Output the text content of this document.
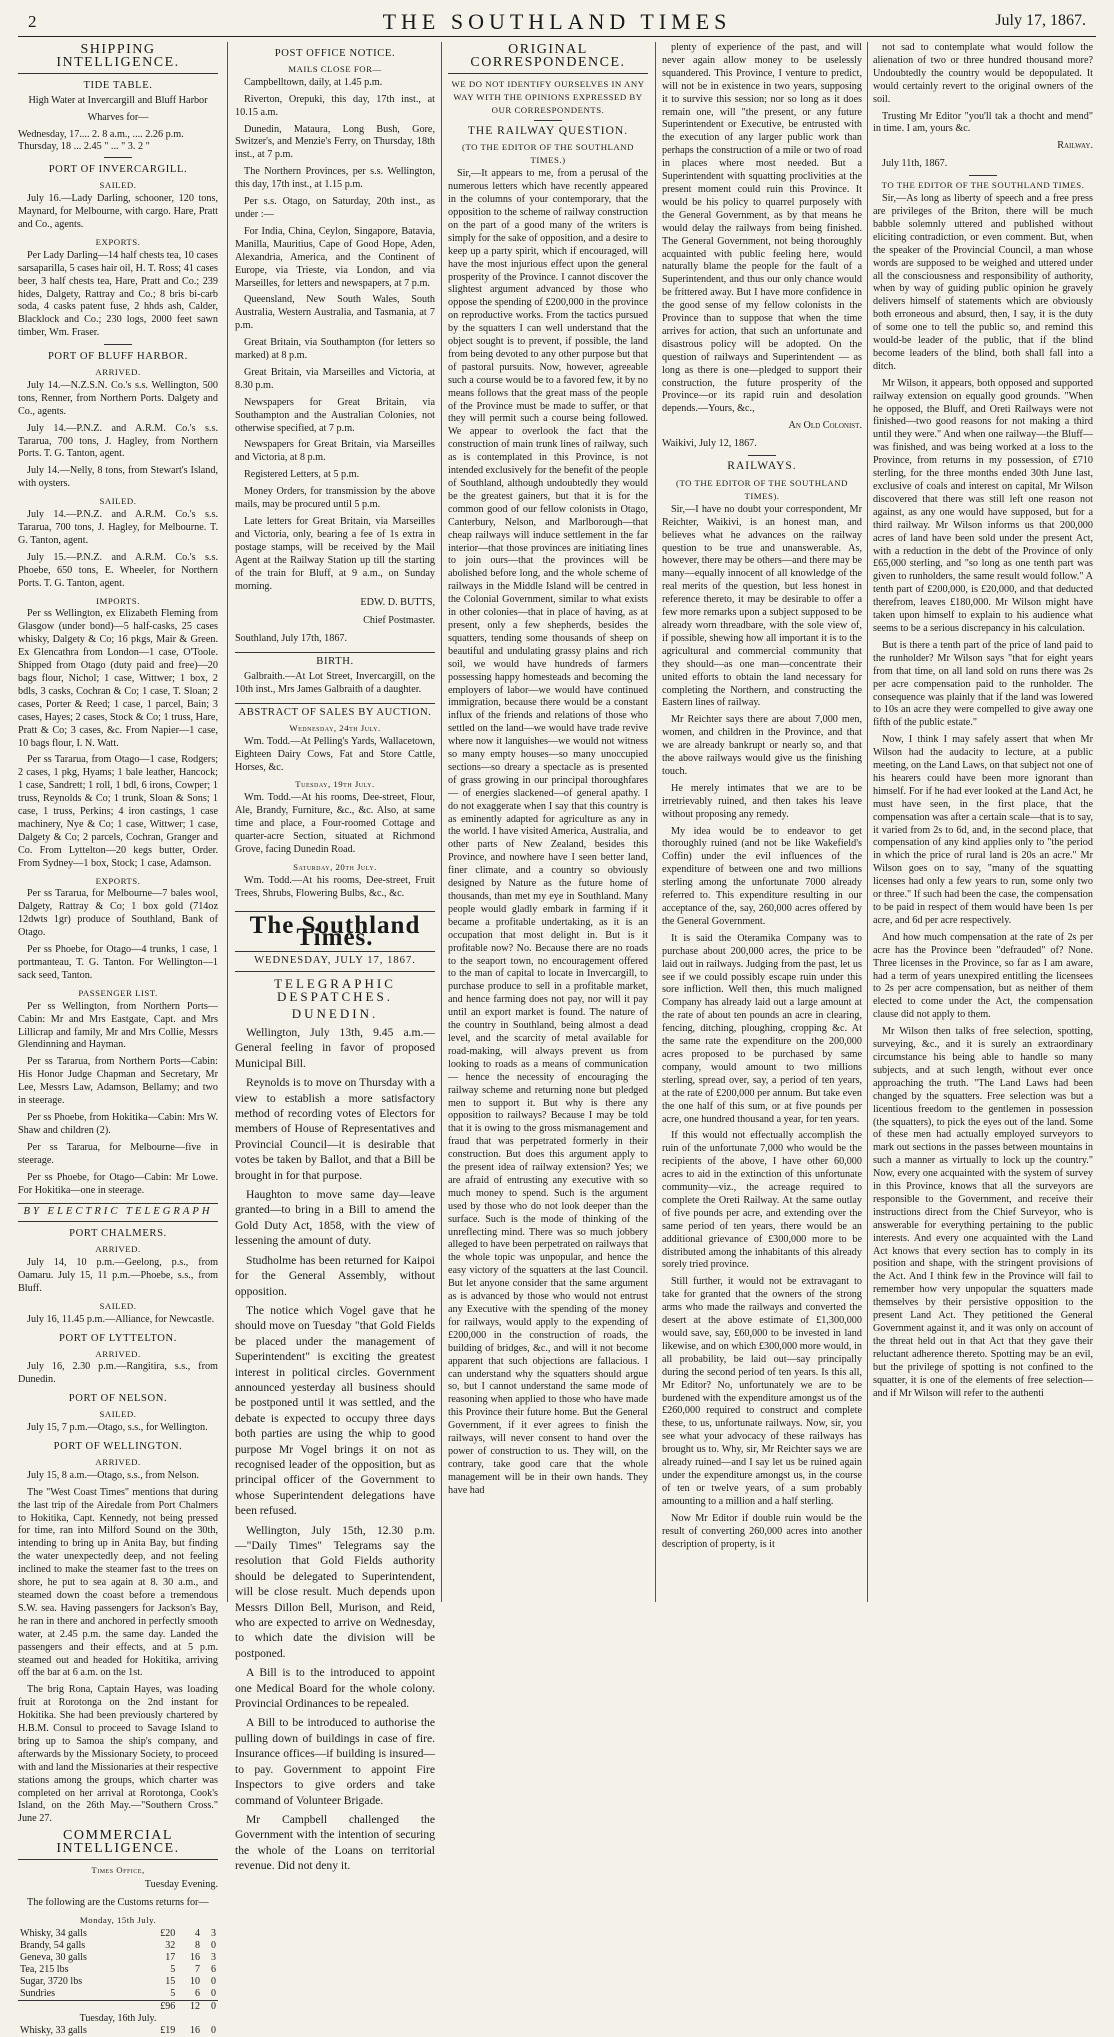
2	THE SOUTHLAND TIMES	July 17, 1867.
SHIPPING INTELLIGENCE.
TIDE TABLE.

High Water at Invercargill and Bluff Harbor

Wharves for—

Wednesday, 17.... 2. 8 a.m., .... 2.26 p.m.

Thursday, 18 ... 2.45 " ... " 3. 2 "

PORT OF INVERCARGILL.
SAILED.

July 16.—Lady Darling, schooner, 120 tons, Maynard, for Melbourne, with cargo. Hare, Pratt and Co., agents.

EXPORTS.

Per Lady Darling—14 half chests tea, 10 cases sarsaparilla, 5 cases hair oil, H. T. Ross; 41 cases beer, 3 half chests tea, Hare, Pratt and Co.; 239 hides, Dalgety, Rattray and Co.; 8 bris bi-carb soda, 4 casks patent fuse, 2 hhds ash, Calder, Blacklock and Co.; 230 logs, 2000 feet sawn timber, Wm. Fraser.

PORT OF BLUFF HARBOR.
ARRIVED.

July 14.—N.Z.S.N. Co.'s s.s. Wellington, 500 tons, Renner, from Northern Ports. Dalgety and Co., agents.

July 14.—P.N.Z. and A.R.M. Co.'s s.s. Tararua, 700 tons, J. Hagley, from Northern Ports. T. G. Tanton, agent.

July 14.—Nelly, 8 tons, from Stewart's Island, with oysters.

SAILED.

July 14.—P.N.Z. and A.R.M. Co.'s s.s. Tararua, 700 tons, J. Hagley, for Melbourne. T. G. Tanton, agent.

July 15.—P.N.Z. and A.R.M. Co.'s s.s. Phoebe, 650 tons, E. Wheeler, for Northern Ports. T. G. Tanton, agent.

IMPORTS.

Per ss Wellington, ex Elizabeth Fleming from Glasgow (under bond)—5 half-casks, 25 cases whisky, Dalgety & Co; 16 pkgs, Mair & Green. Ex Glencathra from London—1 case, O'Toole. Shipped from Otago (duty paid and free)—20 bags flour, Nichol; 1 case, Wittwer; 1 box, 2 bdls, 3 casks, Cochran & Co; 1 case, T. Sloan; 2 cases, Porter & Reed; 1 case, 1 parcel, Bain; 3 cases, Hayes; 2 cases, Stock & Co; 1 truss, Hare, Pratt & Co; 3 cases, &c. From Napier—1 case, 10 bags flour, I. N. Watt.

Per ss Tararua, from Otago—1 case, Rodgers; 2 cases, 1 pkg, Hyams; 1 bale leather, Hancock; 1 case, Sandrett; 1 roll, 1 bdl, 6 irons, Cowper; 1 truss, Reynolds & Co; 1 trunk, Sloan & Sons; 1 case, 1 truss, Perkins; 4 iron castings, 1 case machinery, Nye & Co; 1 case, Wittwer; 1 case, Dalgety & Co; 2 parcels, Cochran, Granger and Co. From Lyttelton—20 kegs butter, Order. From Sydney—1 box, Stock; 1 case, Adamson.

EXPORTS.

Per ss Tararua, for Melbourne—7 bales wool, Dalgety, Rattray & Co; 1 box gold (714oz 12dwts 1gr) produce of Southland, Bank of Otago.

Per ss Phoebe, for Otago—4 trunks, 1 case, 1 portmanteau, T. G. Tanton. For Wellington—1 sack seed, Tanton.

PASSENGER LIST.

Per ss Wellington, from Northern Ports—Cabin: Mr and Mrs Eastgate, Capt. and Mrs Lillicrap and family, Mr and Mrs Collie, Messrs Glendinning and Hayman.

Per ss Tararua, from Northern Ports—Cabin: His Honor Judge Chapman and Secretary, Mr Lee, Messrs Law, Adamson, Bellamy; and two in steerage.

Per ss Phoebe, from Hokitika—Cabin: Mrs W. Shaw and children (2).

Per ss Tararua, for Melbourne—five in steerage.

Per ss Phoebe, for Otago—Cabin: Mr Lowe. For Hokitika—one in steerage.

BY ELECTRIC TELEGRAPH
PORT CHALMERS.
ARRIVED.

July 14, 10 p.m.—Geelong, p.s., from Oamaru. July 15, 11 p.m.—Phoebe, s.s., from Bluff.

SAILED.

July 16, 11.45 p.m.—Alliance, for Newcastle.

PORT OF LYTTELTON.
ARRIVED.

July 16, 2.30 p.m.—Rangitira, s.s., from Dunedin.

PORT OF NELSON.
SAILED.

July 15, 7 p.m.—Otago, s.s., for Wellington.

PORT OF WELLINGTON.
ARRIVED.

July 15, 8 a.m.—Otago, s.s., from Nelson.

The "West Coast Times" mentions that during the last trip of the Airedale from Port Chalmers to Hokitika, Capt. Kennedy, not being pressed for time, ran into Milford Sound on the 30th, intending to bring up in Anita Bay, but finding the water unexpectedly deep, and not feeling inclined to make the steamer fast to the trees on shore, he put to sea again at 8. 30 a.m., and steamed down the coast before a tremendous S.W. sea. Having passengers for Jackson's Bay, he ran in there and anchored in perfectly smooth water, at 2.45 p.m. the same day. Landed the passengers and their effects, and at 5 p.m. steamed out and headed for Hokitika, arriving off the bar at 6 a.m. on the 1st.

The brig Rona, Captain Hayes, was loading fruit at Rorotonga on the 2nd instant for Hokitika. She had been previously chartered by H.B.M. Consul to proceed to Savage Island to bring up to Samoa the ship's company, and afterwards by the Missionary Society, to proceed with and land the Missionaries at their respective stations among the groups, which charter was completed on her arrival at Rorotonga, Cook's Island, on the 26th May.—"Southern Cross." June 27.

COMMERCIAL INTELLIGENCE.
Times Office,
Tuesday Evening.

The following are the Customs returns for—

Monday, 15th July.
Whisky, 34 galls	£20	4	3
Brandy, 54 galls	32	8	0
Geneva, 30 galls	17	16	3
Tea, 215 lbs	5	7	6
Sugar, 3720 lbs	15	10	0
Sundries	5	6	0
	£96	12	0
Tuesday, 16th July.			
Whisky, 33 galls	£19	16	0
POST OFFICE NOTICE.
MAILS CLOSE FOR—

Campbelltown, daily, at 1.45 p.m.

Riverton, Orepuki, this day, 17th inst., at 10.15 a.m.

Dunedin, Mataura, Long Bush, Gore, Switzer's, and Menzie's Ferry, on Thursday, 18th inst., at 7 p.m.

The Northern Provinces, per s.s. Wellington, this day, 17th inst., at 1.15 p.m.

Per s.s. Otago, on Saturday, 20th inst., as under :—

For India, China, Ceylon, Singapore, Batavia, Manilla, Mauritius, Cape of Good Hope, Aden, Alexandria, America, and the Continent of Europe, via Trieste, via London, and via Marseilles, for letters and newspapers, at 7 p.m.

Queensland, New South Wales, South Australia, Western Australia, and Tasmania, at 7 p.m.

Great Britain, via Southampton (for letters so marked) at 8 p.m.

Great Britain, via Marseilles and Victoria, at 8.30 p.m.

Newspapers for Great Britain, via Southampton and the Australian Colonies, not otherwise specified, at 7 p.m.

Newspapers for Great Britain, via Marseilles and Victoria, at 8 p.m.

Registered Letters, at 5 p.m.

Money Orders, for transmission by the above mails, may be procured until 5 p.m.

Late letters for Great Britain, via Marseilles and Victoria, only, bearing a fee of 1s extra in postage stamps, will be received by the Mail Agent at the Railway Station up till the starting of the train for Bluff, at 9 a.m., on Sunday morning.

EDW. D. BUTTS,
Chief Postmaster.

Southland, July 17th, 1867.

BIRTH.

Galbraith.—At Lot Street, Invercargill, on the 10th inst., Mrs James Galbraith of a daughter.

ABSTRACT OF SALES BY AUCTION.
Wednesday, 24th July.

Wm. Todd.—At Pelling's Yards, Wallacetown, Eighteen Dairy Cows, Fat and Store Cattle, Horses, &c.

Tuesday, 19th July.

Wm. Todd.—At his rooms, Dee-street, Flour, Ale, Brandy, Furniture, &c., &c. Also, at same time and place, a Four-roomed Cottage and quarter-acre Section, situated at Richmond Grove, facing Dunedin Road.

Saturday, 20th July.

Wm. Todd.—At his rooms, Dee-street, Fruit Trees, Shrubs, Flowering Bulbs, &c., &c.

The Southland Times.
WEDNESDAY, JULY 17, 1867.
TELEGRAPHIC DESPATCHES.
DUNEDIN.

Wellington, July 13th, 9.45 a.m.—General feeling in favor of proposed Municipal Bill.

Reynolds is to move on Thursday with a view to establish a more satisfactory method of recording votes of Electors for members of House of Representatives and Provincial Council—it is desirable that votes be taken by Ballot, and that a Bill be brought in for that purpose.

Haughton to move same day—leave granted—to bring in a Bill to amend the Gold Duty Act, 1858, with the view of lessening the amount of duty.

Studholme has been returned for Kaipoi for the General Assembly, without opposition.

The notice which Vogel gave that he should move on Tuesday "that Gold Fields be placed under the management of Superintendent" is exciting the greatest interest in political circles. Government announced yesterday all business should be postponed until it was settled, and the debate is expected to occupy three days both parties are using the whip to good purpose Mr Vogel brings it on not as recognised leader of the opposition, but as principal officer of the Government to whose Superintendent delegations have been refused.

Wellington, July 15th, 12.30 p.m.—"Daily Times" Telegrams say the resolution that Gold Fields authority should be delegated to Superintendent, will be close result. Much depends upon Messrs Dillon Bell, Murison, and Reid, who are expected to arrive on Wednesday, to which date the division will be postponed.

A Bill is to the introduced to appoint one Medical Board for the whole colony. Provincial Ordinances to be repealed.

A Bill to be introduced to authorise the pulling down of buildings in case of fire. Insurance offices—if building is insured—to pay. Government to appoint Fire Inspectors to give orders and take command of Volunteer Brigade.

Mr Campbell challenged the Government with the intention of securing the whole of the Loans on territorial revenue. Did not deny it.

ORIGINAL CORRESPONDENCE.
WE DO NOT IDENTIFY OURSELVES IN ANY WAY WITH THE OPINIONS EXPRESSED BY OUR CORRESPONDENTS.
THE RAILWAY QUESTION.
(TO THE EDITOR OF THE SOUTHLAND TIMES.)

Sir,—It appears to me, from a perusal of the numerous letters which have recently appeared in the columns of your contemporary, that the opposition to the scheme of railway construction on the part of a good many of the writers is simply for the sake of opposition, and a desire to keep up a party spirit, which if encouraged, will have the most injurious effect upon the general prosperity of the Province. I cannot discover the slightest argument advanced by those who oppose the spending of £200,000 in the province on reproductive works. From the tactics pursued by the squatters I can well understand that the object sought is to prevent, if possible, the land from being devoted to any other purpose but that of pastoral pursuits. Now, however, agreeable such a course would be to a favored few, it by no means follows that the great mass of the people of the Province must be made to suffer, or that they will permit such a course being followed. We appear to overlook the fact that the construction of main trunk lines of railway, such as is contemplated in this Province, is not intended exclusively for the benefit of the people of Southland, although undoubtedly they would be the greatest gainers, but that it is for the common good of our fellow colonists in Otago, Canterbury, Nelson, and Marlborough—that cheap railways will induce settlement in the far interior—that those provinces are initiating lines to join ours—that the provinces will be abolished before long, and the whole scheme of railways in the Middle Island will be centred in the Colonial Government, similar to what exists in other colonies—that in place of having, as at present, only a few shepherds, besides the squatters, tending some thousands of sheep on beautiful and undulating grassy plains and rich soil, we would have hundreds of farmers possessing happy homesteads and becoming the employers of labor—we would have continued immigration, because there would be a constant influx of the friends and relations of those who settled on the land—we would have trade revive where now it languishes—we would not witness so many empty houses—so many unoccupied sections—so dreary a spectacle as is presented of grass growing in our principal thoroughfares — of energies slackened—of general apathy. I do not exaggerate when I say that this country is as eminently adapted for agriculture as any in the world. I have visited America, Australia, and other parts of New Zealand, besides this Province, and nowhere have I seen better land, finer climate, and a country so obviously designed by Nature as the future home of thousands, than met my eye in Southland. Many people would gladly embark in farming if it became a profitable undertaking, as it is an occupation that most delight in. But is it profitable now? No. Because there are no roads to the seaport town, no encouragement offered to the man of capital to locate in Invercargill, to purchase produce to sell in a profitable market, and hence farming does not pay, nor will it pay until an export market is found. The nature of the country in Southland, being almost a dead level, and the scarcity of metal available for road-making, will always prevent us from looking to roads as a means of communication — hence the necessity of encouraging the railway scheme and returning none but pledged men to support it. But why is there any opposition to railways? Because I may be told that it is owing to the gross mismanagement and fraud that was perpetrated formerly in their construction. But does this argument apply to the present idea of railway extension? Yes; we are afraid of entrusting any executive with so much money to spend. Such is the argument used by those who do not look deeper than the surface. Such is the mode of thinking of the unreflecting mind. There was so much jobbery alleged to have been perpetrated on railways that the whole topic was unpopular, and hence the easy victory of the squatters at the last Council. But let anyone consider that the same argument as is advanced by those who would not entrust any Executive with the spending of the money for railways, would apply to the expending of £200,000 in the construction of roads, the building of bridges, &c., and will it not become apparent that such objections are fallacious. I can understand why the squatters should argue so, but I cannot understand the same mode of reasoning when applied to those who have made this Province their future home. But the General Government, if it ever agrees to finish the railways, will never consent to hand over the power of construction to us. They will, on the contrary, take good care that the whole management will be in their own hands. They have had

plenty of experience of the past, and will never again allow money to be uselessly squandered. This Province, I venture to predict, will not be in existence in two years, supposing it to survive this session; nor so long as it does remain one, will "the present, or any future Superintendent or Executive, be entrusted with the execution of any larger public work than perhaps the construction of a mile or two of road in places where most needed. But a Superintendent with squatting proclivities at the present moment could ruin this Province. It would be his policy to quarrel purposely with the General Government, as by that means he would delay the railways from being finished. The General Government, not being thoroughly acquainted with public feeling here, would naturally blame the people for the fault of a Superintendent, and thus our only chance would be frittered away. But I have more confidence in the good sense of my fellow colonists in the Province than to suppose that when the time arrives for action, that such an unfortunate and disastrous policy will be adopted. On the question of railways and Superintendent — as long as there is one—pledged to support their construction, the future prosperity of the Province—or its rapid ruin and desolation depends.—Yours, &c.,

An Old Colonist.

Waikivi, July 12, 1867.

RAILWAYS.
(TO THE EDITOR OF THE SOUTHLAND TIMES).

Sir,—I have no doubt your correspondent, Mr Reichter, Waikivi, is an honest man, and believes what he advances on the railway question to be true and unanswerable. As, however, there may be others—and there may be many—equally innocent of all knowledge of the real merits of the question, but less honest in reference thereto, it may be desirable to offer a few more remarks upon a subject supposed to be already worn threadbare, with the sole view of, if possible, shewing how all important it is to the agricultural and commercial community that they should—as one man—concentrate their united efforts to obtain the land necessary for completing the Northern, and constructing the Eastern lines of railway.

Mr Reichter says there are about 7,000 men, women, and children in the Province, and that we are already bankrupt or nearly so, and that the above railways would give us the finishing touch.

He merely intimates that we are to be irretrievably ruined, and then takes his leave without proposing any remedy.

My idea would be to endeavor to get thoroughly ruined (and not be like Wakefield's Coffin) under the evil influences of the expenditure of between one and two millions sterling among the unfortunate 7000 already referred to. This expenditure resulting in our acceptance of the, say, 260,000 acres offered by the General Government.

It is said the Oteramika Company was to purchase about 200,000 acres, the price to be laid out in railways. Judging from the past, let us see if we could possibly escape ruin under this sore infliction. Well then, this much maligned Company has already laid out a large amount at the rate of about ten pounds an acre in clearing, fencing, ditching, ploughing, cropping &c. At the same rate the expenditure on the 200,000 acres proposed to be purchased by same company, would amount to two millions sterling, spread over, say, a period of ten years, at the rate of £200,000 per annum. But take even the one half of this sum, or at five pounds per acre, one hundred thousand a year, for ten years.

If this would not effectually accomplish the ruin of the unfortunate 7,000 who would be the recipients of the above, I have other 60,000 acres to aid in the extinction of this unfortunate community—viz., the acreage required to complete the Oreti Railway. At the same outlay of five pounds per acre, and extending over the same period of ten years, there would be an additional grievance of £300,000 more to be distributed among the inhabitants of this already sorely tried province.

Still further, it would not be extravagant to take for granted that the owners of the strong arms who made the railways and converted the desert at the above estimate of £1,300,000 would save, say, £60,000 to be invested in land likewise, and on which £300,000 more would, in all probability, be laid out—say principally during the second period of ten years. Is this all, Mr Editor? No, unfortunately we are to be burdened with the expenditure amongst us of the £260,000 required to construct and complete these, to us, unfortunate railways. Now, sir, you see what your advocacy of these railways has brought us to. Why, sir, Mr Reichter says we are already ruined—and I say let us be ruined again under the expenditure amongst us, in the course of ten or twelve years, of a sum probably amounting to a million and a half sterling.

Now Mr Editor if double ruin would be the result of converting 260,000 acres into another description of property, is it

not sad to contemplate what would follow the alienation of two or three hundred thousand more? Undoubtedly the country would be depopulated. It would certainly revert to the original owners of the soil.

Trusting Mr Editor "you'll tak a thocht and mend" in time. I am, yours &c.

Railway.

July 11th, 1867.

TO THE EDITOR OF THE SOUTHLAND TIMES.

Sir,—As long as liberty of speech and a free press are privileges of the Briton, there will be much babble solemnly uttered and published without eliciting contradiction, or even comment. But, when the speaker of the Provincial Council, a man whose words are supposed to be weighed and uttered under all the consciousness and responsibility of authority, when by way of guiding public opinion he gravely delivers himself of statements which are obviously both erroneous and absurd, then, I say, it is the duty of some one to tell the public so, and remind this would-be leader of the public, that if the blind become leaders of the blind, both shall fall into a ditch.

Mr Wilson, it appears, both opposed and supported railway extension on equally good grounds. "When he opposed, the Bluff, and Oreti Railways were not finished—two good reasons for not making a third until they were." And when one railway—the Bluff—was finished, and was being worked at a loss to the Province, from returns in my possession, of £710 sterling, for the three months ended 30th June last, exclusive of coals and interest on capital, Mr Wilson discovered that there was still left one reason not against, as any one would have supposed, but for a third railway. Mr Wilson informs us that 200,000 acres of land have been sold under the present Act, with a reduction in the debt of the Province of only £65,000 sterling, and "so long as one tenth part was given to runholders, the same result would follow." A tenth part of £200,000, is £20,000, and that deducted therefrom, leaves £180,000. Mr Wilson might have taken upon himself to explain to his audience what seems to be a serious discrepancy in his calculation.

But is there a tenth part of the price of land paid to the runholder? Mr Wilson says "that for eight years from that time, on all land sold on runs there was 2s per acre compensation paid to the runholder. The consequence was plainly that if the land was lowered to 10s an acre they were compelled to give away one fifth of the public estate."

Now, I think I may safely assert that when Mr Wilson had the audacity to lecture, at a public meeting, on the Land Laws, on that subject not one of his hearers could have been more ignorant than himself. For if he had ever looked at the Land Act, he must have seen, in the first place, that the compensation was after a certain scale—that is to say, it varied from 2s to 6d, and, in the second place, that compensation of any kind applies only to "the period in which the price of rural land is 20s an acre." Mr Wilson goes on to say, "many of the squatting licenses had only a few years to run, some only two or three." If such had been the case, the compensation to be paid in respect of them would have been 1s per acre, and 6d per acre respectively.

And how much compensation at the rate of 2s per acre has the Province been "defrauded" of? None. Three licenses in the Province, so far as I am aware, had a term of years unexpired entitling the licensees to 2s per acre compensation, but as neither of them elected to come under the Act, the compensation clause did not apply to them.

Mr Wilson then talks of free selection, spotting, surveying, &c., and it is surely an extraordinary circumstance his being able to handle so many subjects, and at such length, without ever once approaching the truth. "The Land Laws had been changed by the squatters. Free selection was but a licentious freedom to the gentlemen in possession (the squatters), to pick the eyes out of the land. Some of these men had actually employed surveyors to mark out sections in the passes between mountains in such a manner as virtually to lock up the country." Now, every one acquainted with the system of survey in this Province, knows that all the surveyors are responsible to the Government, and receive their instructions direct from the Chief Surveyor, who is answerable for everything pertaining to the public interests. And every one acquainted with the Land Act knows that every section has to comply in its position and shape, with the stringent provisions of the Act. And I think few in the Province will fail to remember how very unpopular the squatters made themselves by their persistive opposition to the present Land Act. They petitioned the General Government against it, and it was only on account of the threat held out in that Act that they gave their reluctant adherence thereto. Spotting may be an evil, but the privilege of spotting is not confined to the squatter, it is one of the elements of free selection—and if Mr Wilson will refer to the authenti
